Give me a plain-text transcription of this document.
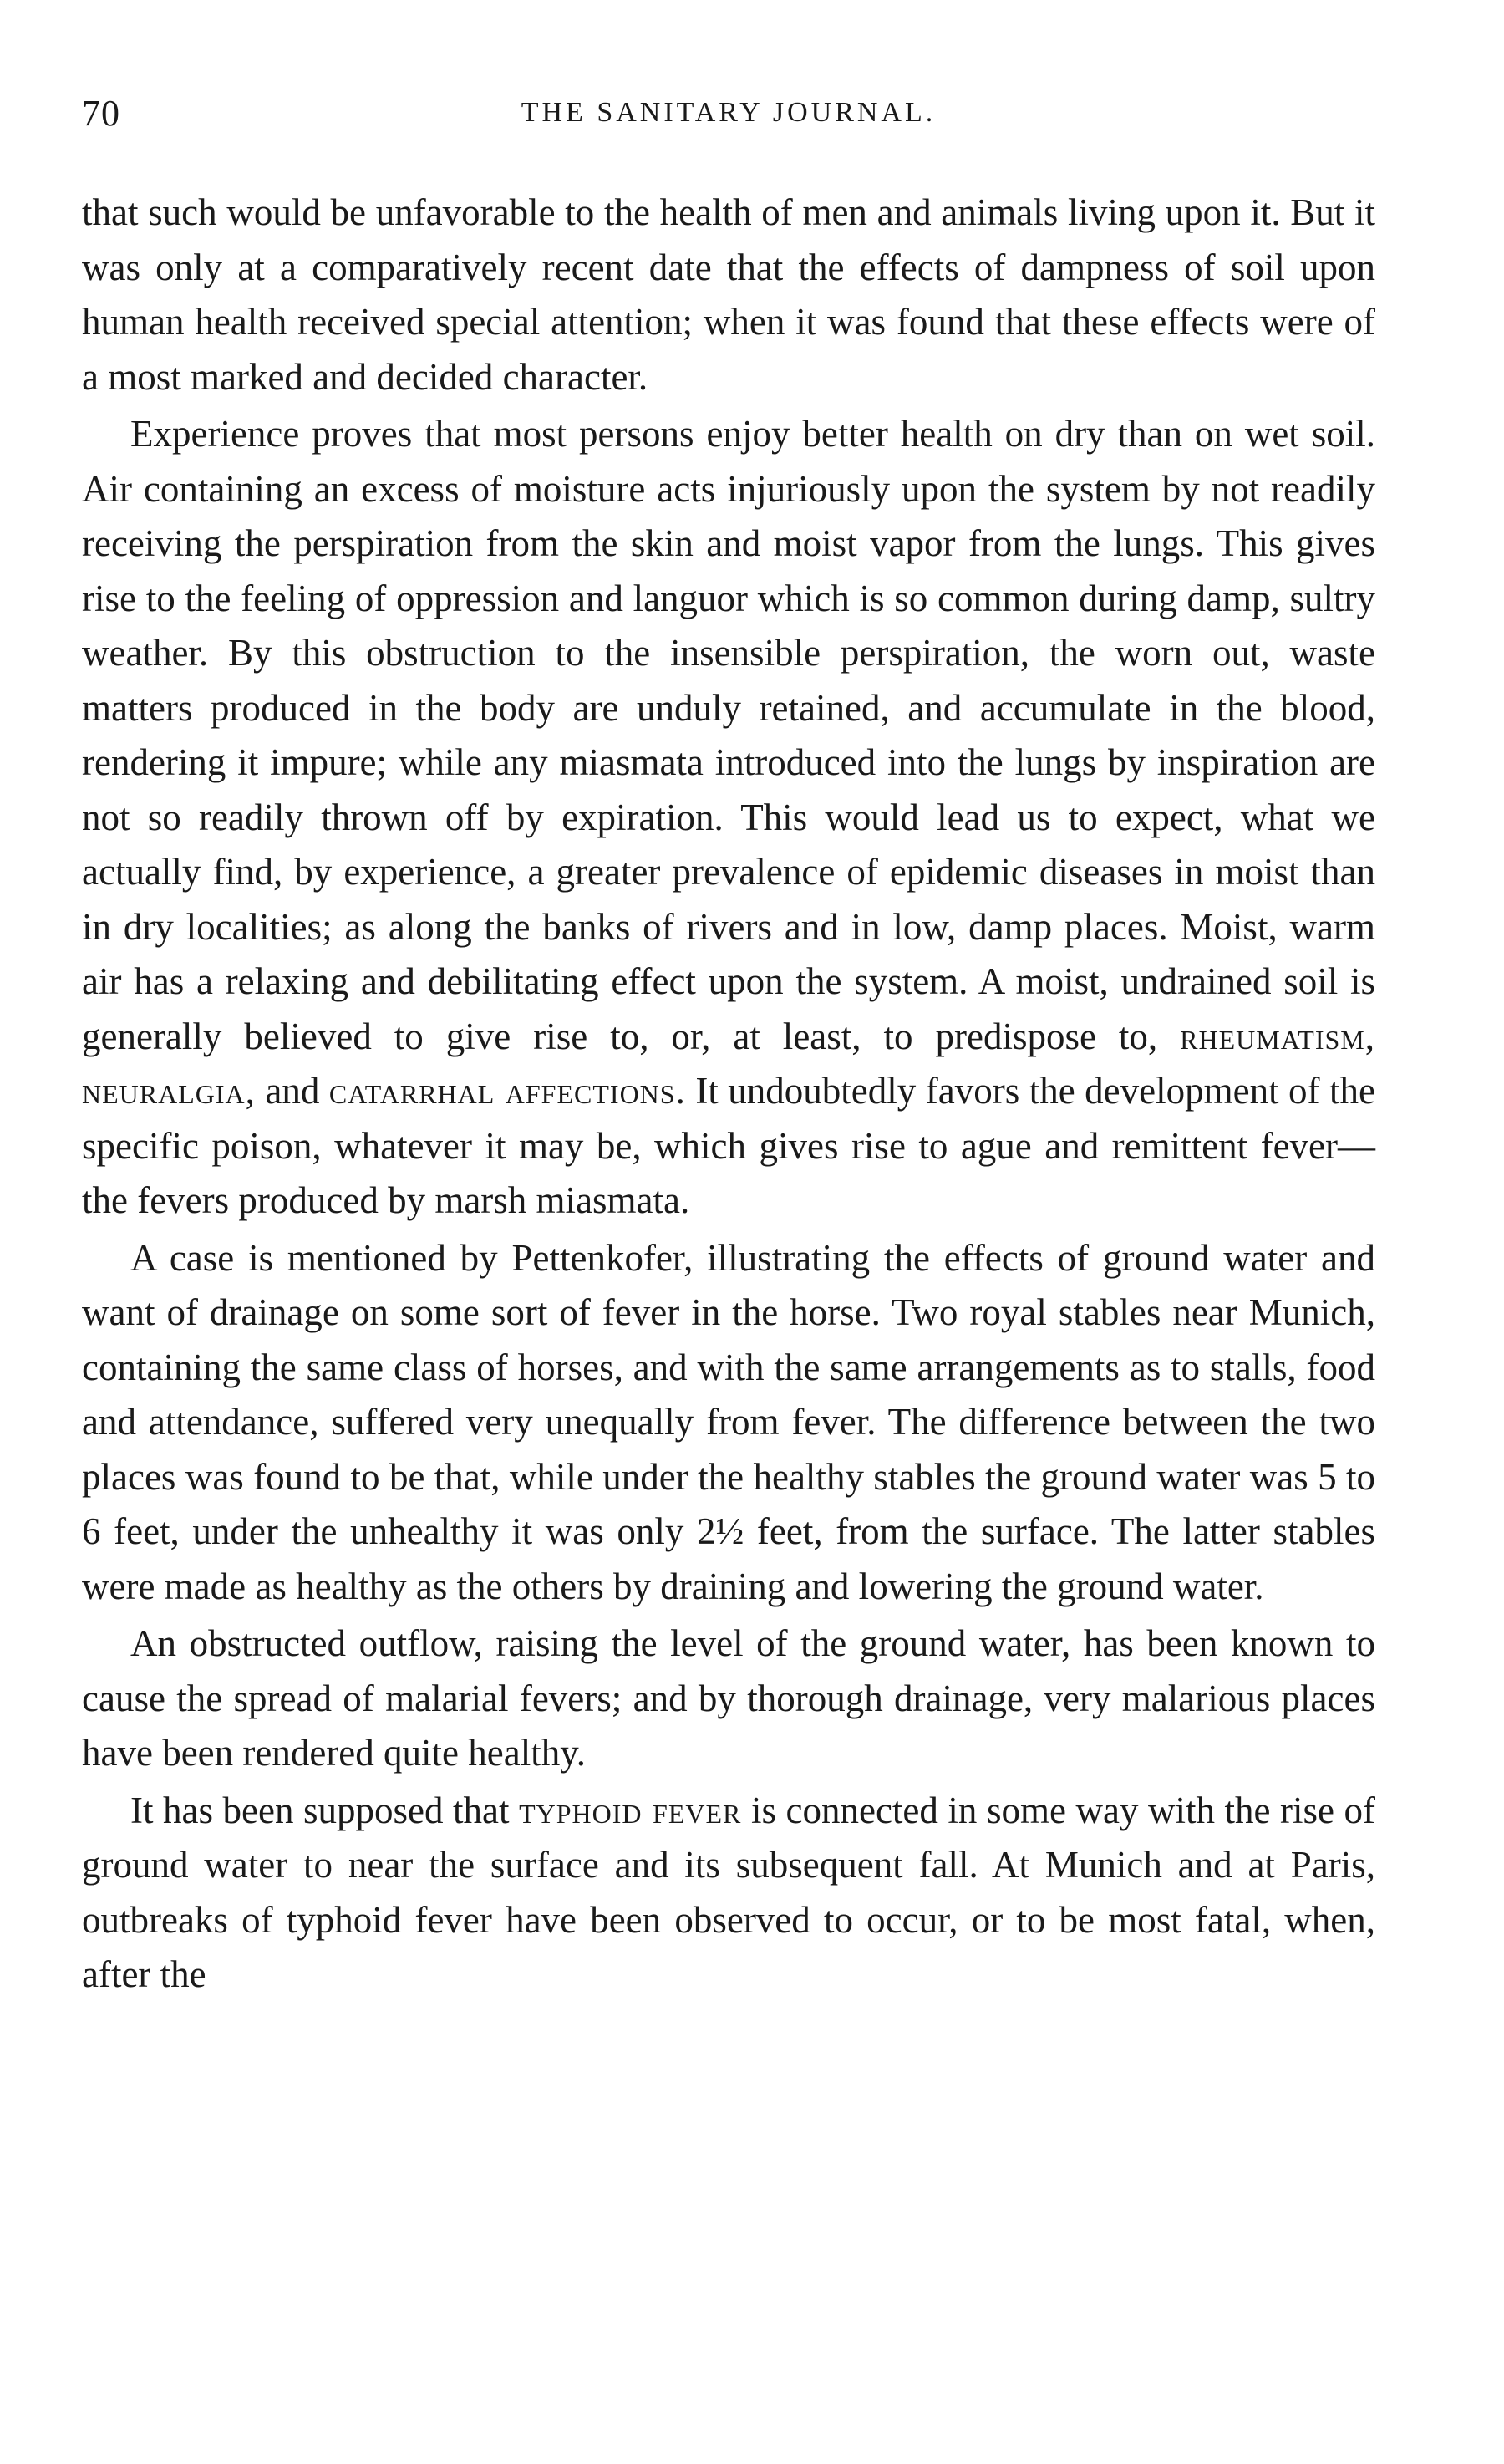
70	THE SANITARY JOURNAL.

that such would be unfavorable to the health of men and animals living upon it. But it was only at a comparatively recent date that the effects of dampness of soil upon human health received special attention; when it was found that these effects were of a most marked and decided character.

Experience proves that most persons enjoy better health on dry than on wet soil. Air containing an excess of moisture acts injuriously upon the system by not readily receiving the perspiration from the skin and moist vapor from the lungs. This gives rise to the feeling of oppression and languor which is so common during damp, sultry weather. By this obstruction to the insensible perspiration, the worn out, waste matters produced in the body are unduly retained, and accumulate in the blood, rendering it impure; while any miasmata introduced into the lungs by inspiration are not so readily thrown off by expiration. This would lead us to expect, what we actually find, by experience, a greater prevalence of epidemic diseases in moist than in dry localities; as along the banks of rivers and in low, damp places. Moist, warm air has a relaxing and debilitating effect upon the system. A moist, undrained soil is generally believed to give rise to, or, at least, to predispose to, rheumatism, neuralgia, and catarrhal affections. It undoubtedly favors the development of the specific poison, whatever it may be, which gives rise to ague and remittent fever—the fevers produced by marsh miasmata.

A case is mentioned by Pettenkofer, illustrating the effects of ground water and want of drainage on some sort of fever in the horse. Two royal stables near Munich, containing the same class of horses, and with the same arrangements as to stalls, food and attendance, suffered very unequally from fever. The difference between the two places was found to be that, while under the healthy stables the ground water was 5 to 6 feet, under the unhealthy it was only 2½ feet, from the surface. The latter stables were made as healthy as the others by draining and lowering the ground water.

An obstructed outflow, raising the level of the ground water, has been known to cause the spread of malarial fevers; and by thorough drainage, very malarious places have been rendered quite healthy.

It has been supposed that typhoid fever is connected in some way with the rise of ground water to near the surface and its subsequent fall. At Munich and at Paris, outbreaks of typhoid fever have been observed to occur, or to be most fatal, when, after the
